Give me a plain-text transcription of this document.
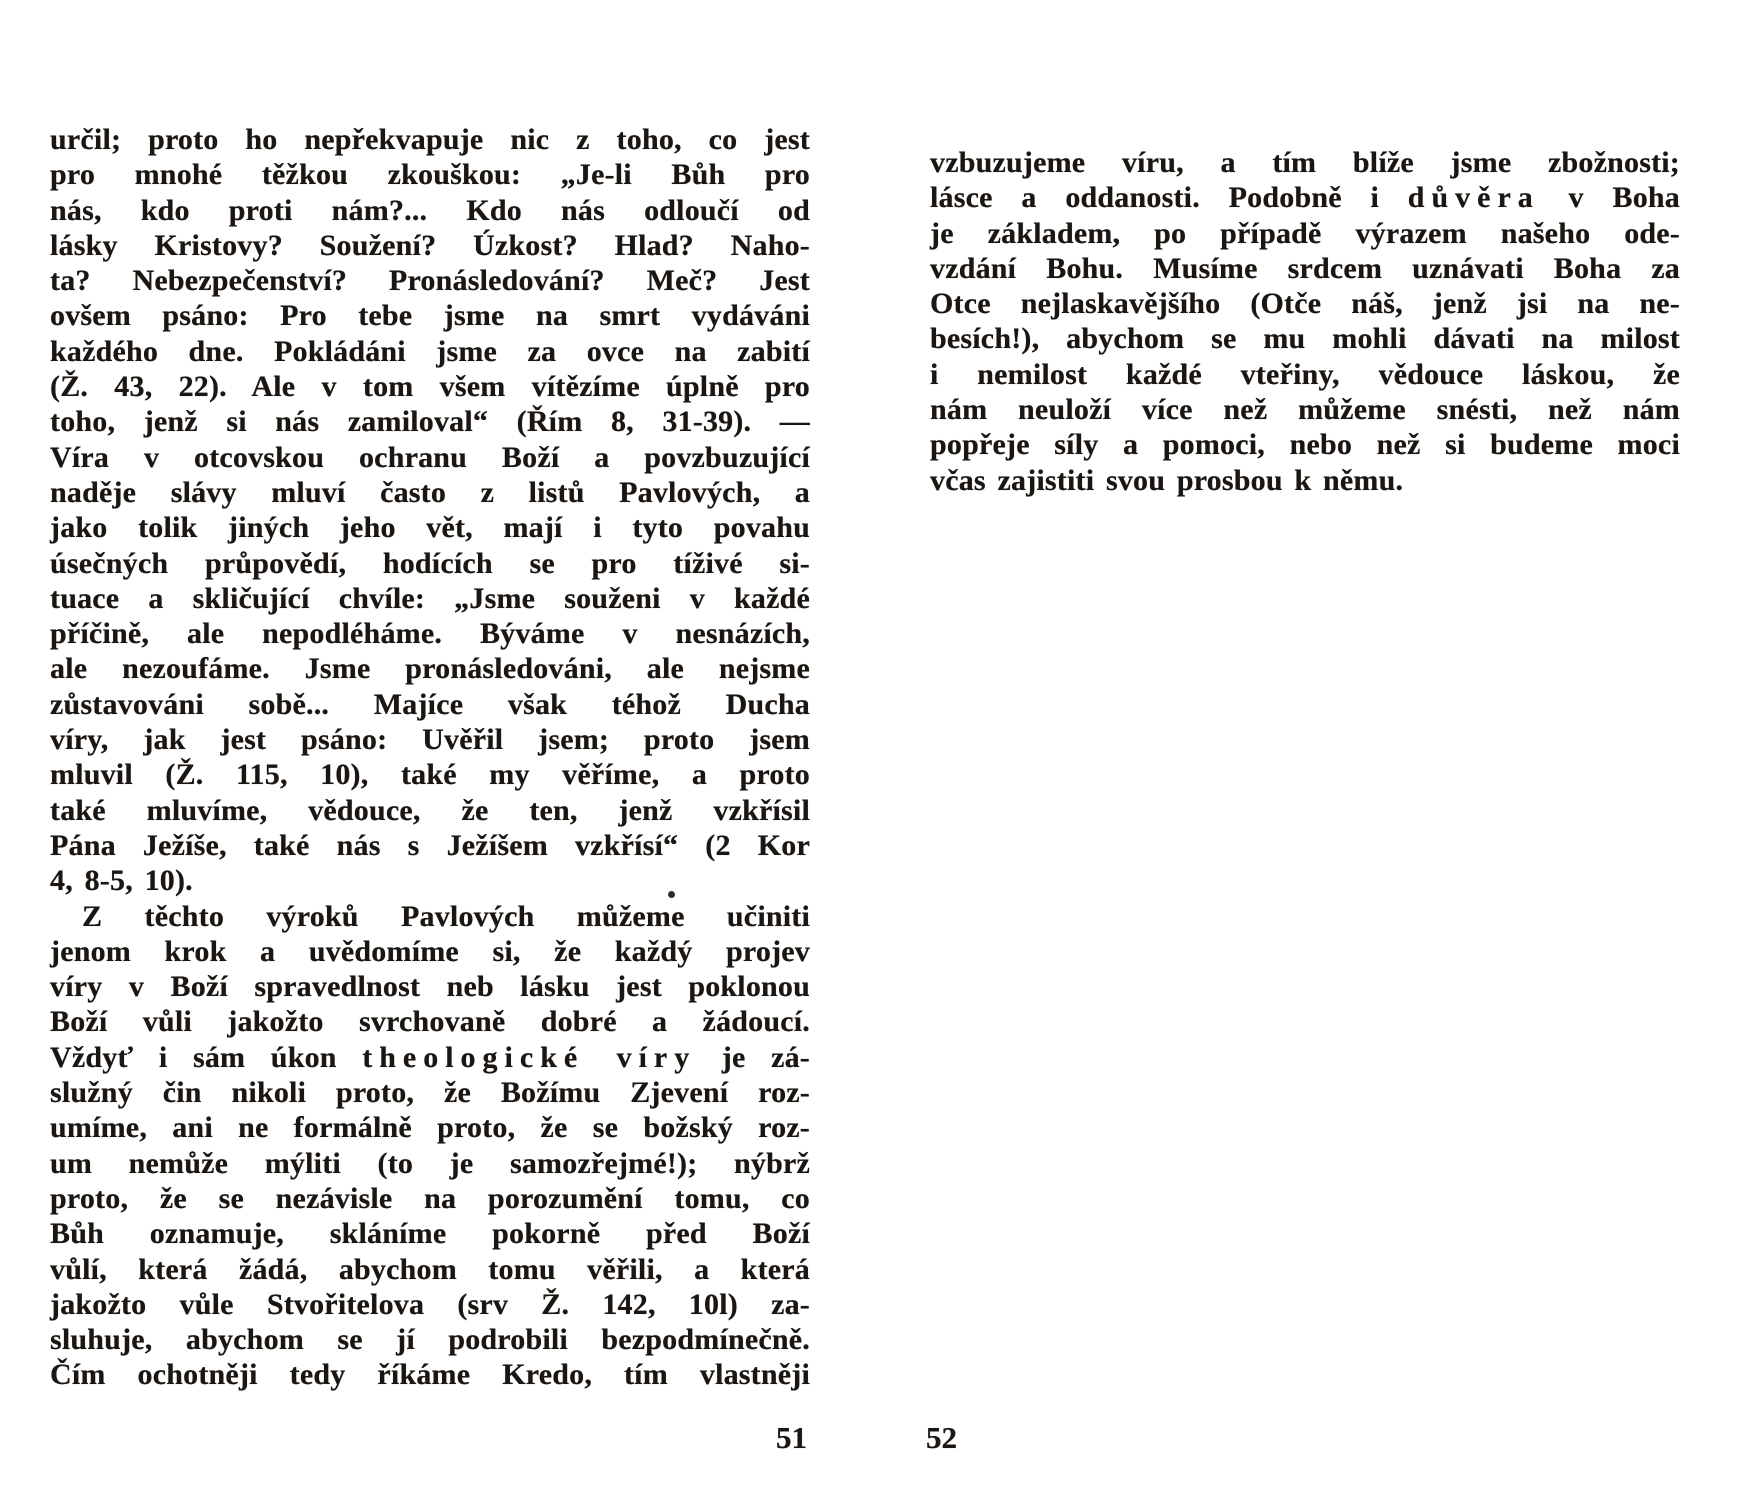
určil; proto ho nepřekvapuje nic z toho, co jest
pro mnohé těžkou zkouškou: „Je-li Bůh pro
nás, kdo proti nám?... Kdo nás odloučí od
lásky Kristovy? Soužení? Úzkost? Hlad? Naho-
ta? Nebezpečenství? Pronásledování? Meč? Jest
ovšem psáno: Pro tebe jsme na smrt vydáváni
každého dne. Pokládáni jsme za ovce na zabití
(Ž. 43, 22). Ale v tom všem vítězíme úplně pro
toho, jenž si nás zamiloval“ (Řím 8, 31-39). —
Víra v otcovskou ochranu Boží a povzbuzující
naděje slávy mluví často z listů Pavlových, a
jako tolik jiných jeho vět, mají i tyto povahu
úsečných průpovědí, hodících se pro tíživé si-
tuace a skličující chvíle: „Jsme souženi v každé
příčině, ale nepodléháme. Býváme v nesnázích,
ale nezoufáme. Jsme pronásledováni, ale nejsme
zůstavováni sobě... Majíce však téhož Ducha
víry, jak jest psáno: Uvěřil jsem; proto jsem
mluvil (Ž. 115, 10), také my věříme, a proto
také mluvíme, vědouce, že ten, jenž vzkřísil
Pána Ježíše, také nás s Ježíšem vzkřísí“ (2 Kor
4, 8-5, 10).
Z těchto výroků Pavlových můžeme učiniti
jenom krok a uvědomíme si, že každý projev
víry v Boží spravedlnost neb lásku jest poklonou
Boží vůli jakožto svrchovaně dobré a žádoucí.
Vždyť i sám úkon theologické víry je zá-
služný čin nikoli proto, že Božímu Zjevení roz-
umíme, ani ne formálně proto, že se božský roz-
um nemůže mýliti (to je samozřejmé!); nýbrž
proto, že se nezávisle na porozumění tomu, co
Bůh oznamuje, skláníme pokorně před Boží
vůlí, která žádá, abychom tomu věřili, a která
jakožto vůle Stvořitelova (srv Ž. 142, 10l) za-
sluhuje, abychom se jí podrobili bezpodmínečně.
Čím ochotněji tedy říkáme Kredo, tím vlastněji
vzbuzujeme víru, a tím blíže jsme zbožnosti;
lásce a oddanosti. Podobně i důvěra v Boha
je základem, po případě výrazem našeho ode-
vzdání Bohu. Musíme srdcem uznávati Boha za
Otce nejlaskavějšího (Otče náš, jenž jsi na ne-
besích!), abychom se mu mohli dávati na milost
i nemilost každé vteřiny, vědouce láskou, že
nám neuloží více než můžeme snésti, než nám
popřeje síly a pomoci, nebo než si budeme moci
včas zajistiti svou prosbou k němu.
51	52
